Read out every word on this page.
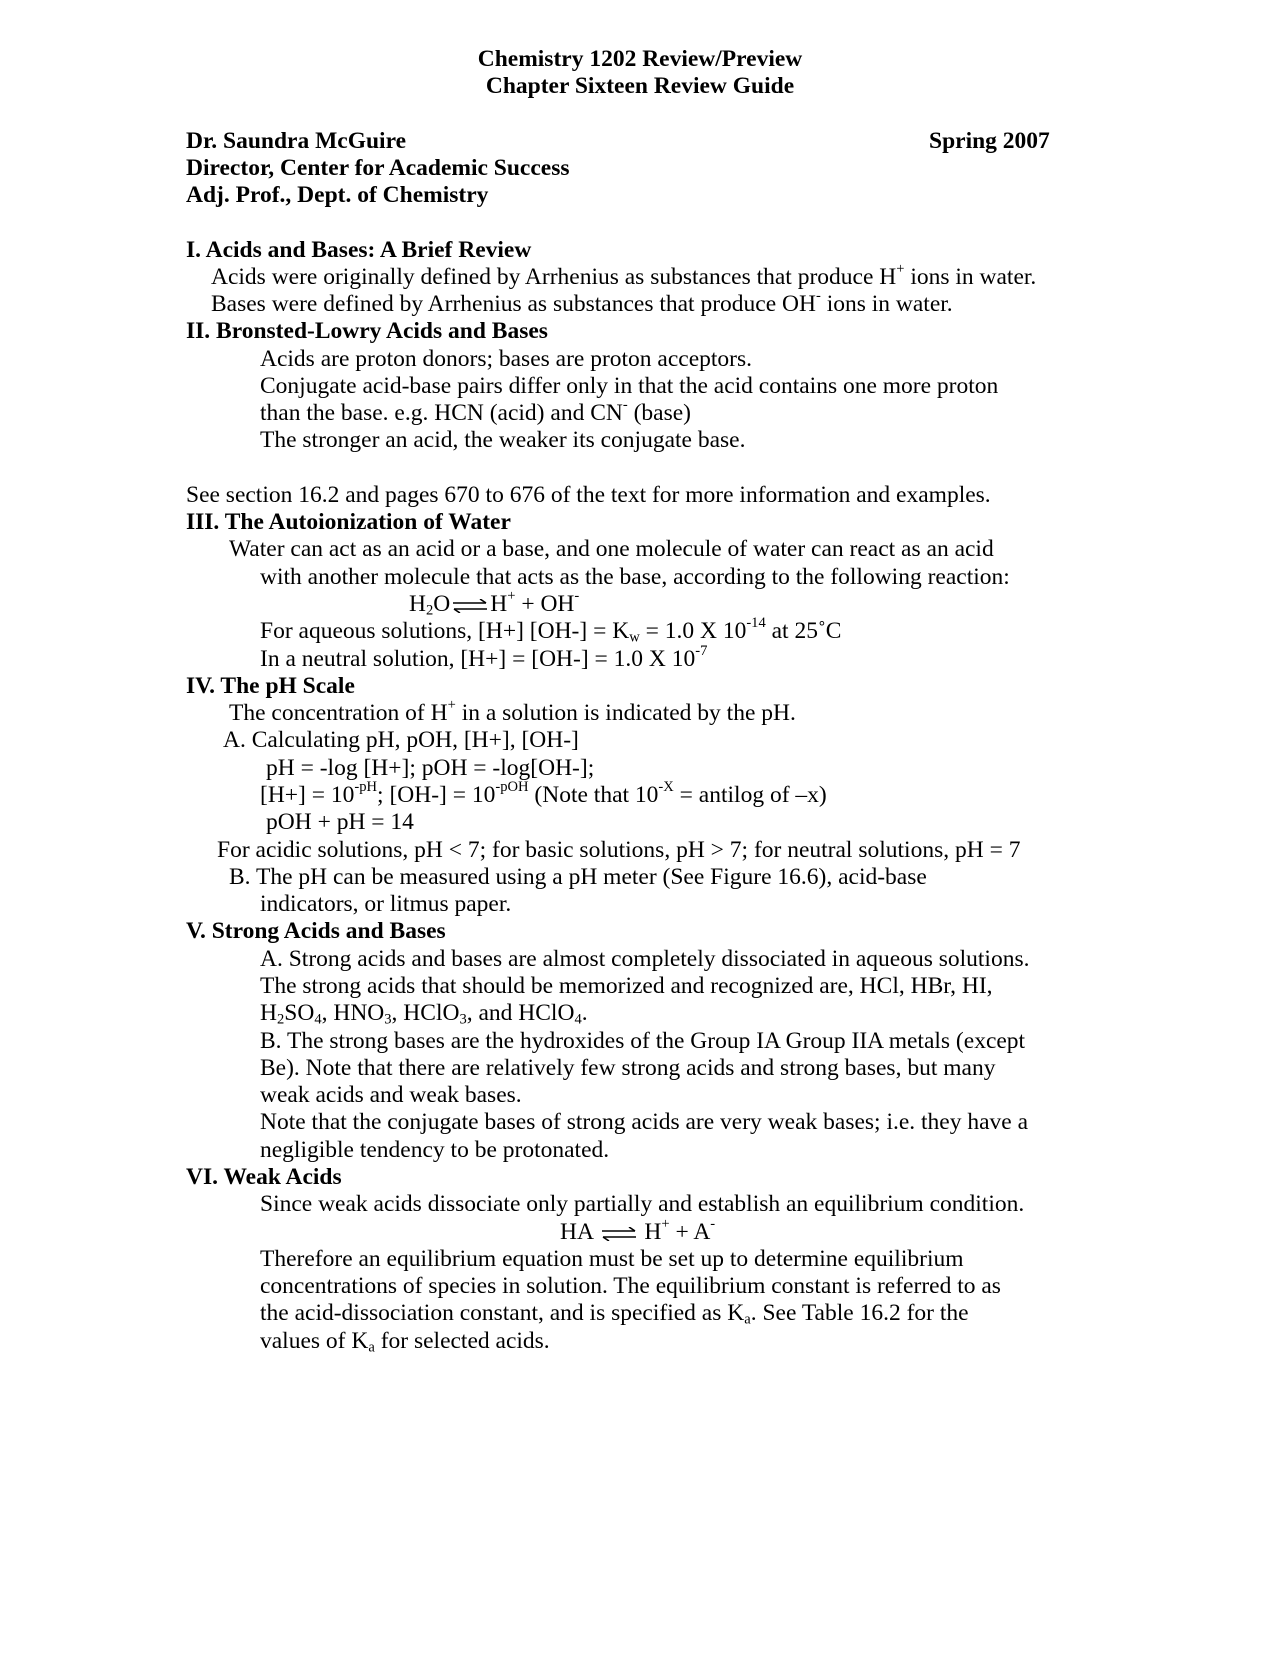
Chemistry 1202 Review/Preview
Chapter Sixteen Review Guide
Dr. Saundra McGuire	Spring 2007
Director, Center for Academic Success
Adj. Prof., Dept. of Chemistry
I. Acids and Bases: A Brief Review
Acids were originally defined by Arrhenius as substances that produce H+ ions in water.
Bases were defined by Arrhenius as substances that produce OH- ions in water.
II. Bronsted-Lowry Acids and Bases
Acids are proton donors; bases are proton acceptors.
Conjugate acid-base pairs differ only in that the acid contains one more proton
than the base. e.g. HCN (acid) and CN- (base)
The stronger an acid, the weaker its conjugate base.
See section 16.2 and pages 670 to 676 of the text for more information and examples.
III. The Autoionization of Water
Water can act as an acid or a base, and one molecule of water can react as an acid
with another molecule that acts as the base, according to the following reaction:
$H_2O$ ⇌ H+ + OH-
For aqueous solutions, [H+] $[OH-] = K_w = 1.0$ X $10^{-14}$ at 25˚C
In a neutral solution, [H+] = [OH-] = 1.0 X $10^{-7}$
IV. The pH Scale
The concentration of H+ in a solution is indicated by the pH.
A. Calculating pH, pOH, [H+], [OH-]
pH = -log [H+]; pOH = -log[OH-];
$[H+] = 10^{-pH}$; $[OH-] = 10^{-pOH}$ (Note that $10^{-X}$ = antilog of –x)
pOH + pH = 14
For acidic solutions, pH < 7; for basic solutions, pH > 7; for neutral solutions, pH = 7
B. The pH can be measured using a pH meter (See Figure 16.6), acid-base
indicators, or litmus paper.
V. Strong Acids and Bases
A. Strong acids and bases are almost completely dissociated in aqueous solutions.
The strong acids that should be memorized and recognized are, HCl, HBr, HI,
$H_2SO_4$, $HNO_3$, HClO$_3$, and HClO$_4$.
B. The strong bases are the hydroxides of the Group IA Group IIA metals (except
Be). Note that there are relatively few strong acids and strong bases, but many
weak acids and weak bases.
Note that the conjugate bases of strong acids are very weak bases; i.e. they have a
negligible tendency to be protonated.
VI. Weak Acids
Since weak acids dissociate only partially and establish an equilibrium condition.
HA ⇌ H+ + A-
Therefore an equilibrium equation must be set up to determine equilibrium
concentrations of species in solution. The equilibrium constant is referred to as
the acid-dissociation constant, and is specified as $K_a$. See Table 16.2 for the
values of $K_a$ for selected acids.
